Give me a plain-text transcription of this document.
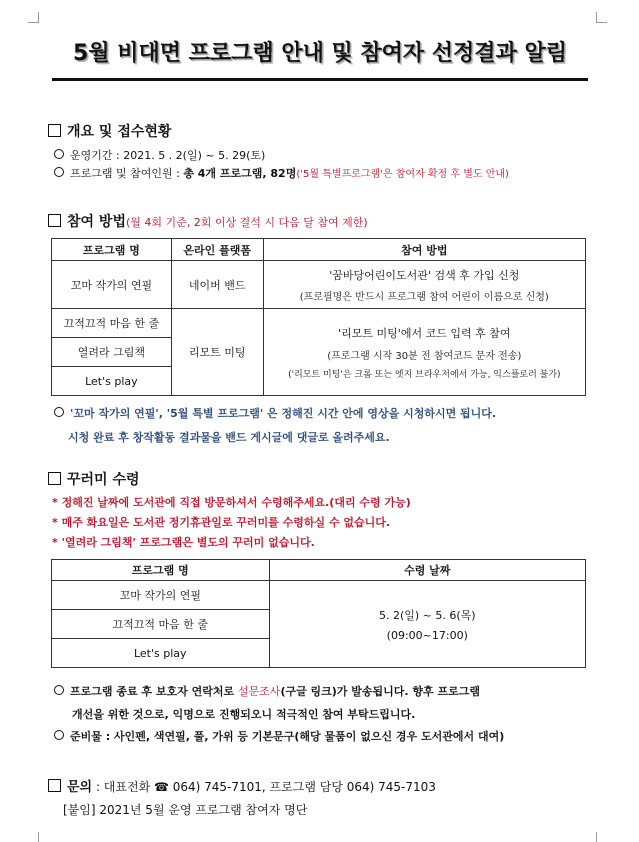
5월 비대면 프로그램 안내 및 참여자 선정결과 알림
개요 및 접수현황
운영기간 : 2021. 5 . 2(일) ~ 5. 29(토)
프로그램 및 참여인원 : 총 4개 프로그램, 82명('5월 특별프로그램'은 참여자 확정 후 별도 안내)
참여 방법(월 4회 기준, 2회 이상 결석 시 다음 달 참여 제한)
프로그램 명	온라인 플랫폼	참여 방법
꼬마 작가의 연필	네이버 밴드	'꿈바당어린이도서관' 검색 후 가입 신청
(프로필명은 반드시 프로그램 참여 어린이 이름으로 신청)

끄적끄적 마음 한 줄	리모트 미팅	'리모트 미팅'에서 코드 입력 후 참여
(프로그램 시작 30분 전 참여코드 문자 전송)
('리모트 미팅'은 크롬 또는 엣지 브라우저에서 가능, 익스플로러 불가)

열려라 그림책		
Let's play		
'꼬마 작가의 연필', '5월 특별 프로그램' 은 정해진 시간 안에 영상을 시청하시면 됩니다.
시청 완료 후 창작활동 결과물을 밴드 게시글에 댓글로 올려주세요.
꾸러미 수령
* 정해진 날짜에 도서관에 직접 방문하셔서 수령해주세요.(대리 수령 가능)
* 매주 화요일은 도서관 정기휴관일로 꾸러미를 수령하실 수 없습니다.
* '열려라 그림책' 프로그램은 별도의 꾸러미 없습니다.
프로그램 명	수령 날짜
꼬마 작가의 연필	5. 2(일) ~ 5. 6(목)
(09:00~17:00)

끄적끄적 마음 한 줄	
Let's play	
프로그램 종료 후 보호자 연락처로 설문조사(구글 링크)가 발송됩니다. 향후 프로그램
개선을 위한 것으로, 익명으로 진행되오니 적극적인 참여 부탁드립니다.
준비물 : 사인펜, 색연필, 풀, 가위 등 기본문구(해당 물품이 없으신 경우 도서관에서 대여)
문의 : 대표전화 ☎ 064) 745-7101, 프로그램 담당 064) 745-7103
[붙임] 2021년 5월 운영 프로그램 참여자 명단
